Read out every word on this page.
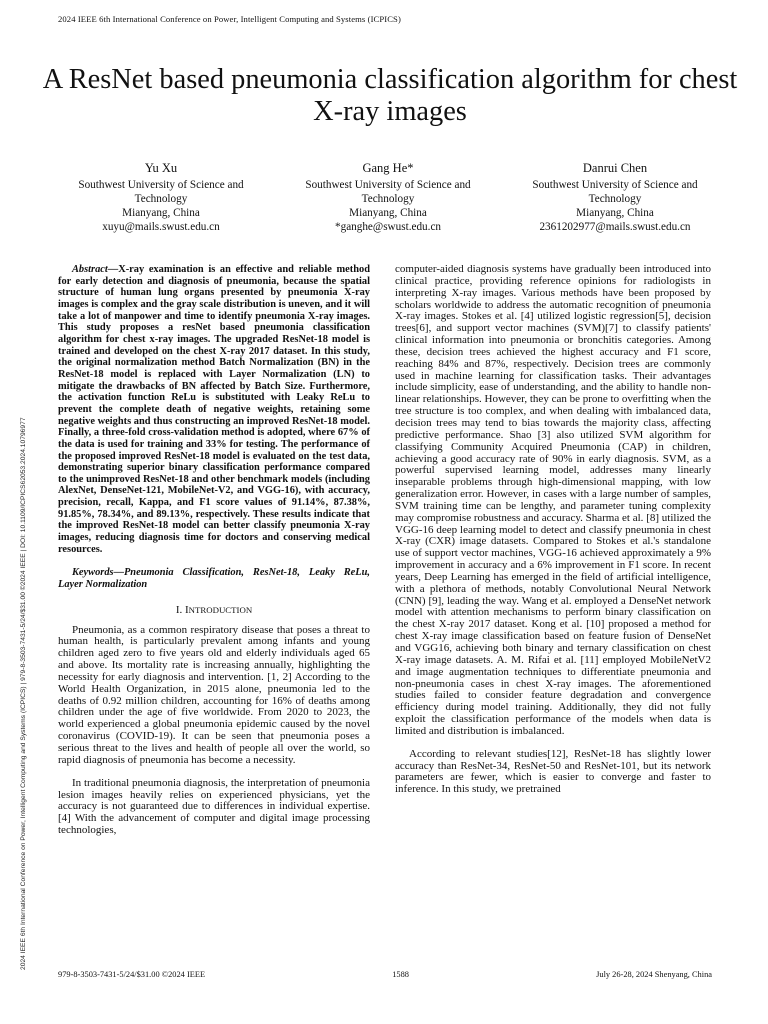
2024 IEEE 6th International Conference on Power, Intelligent Computing and Systems (ICPICS)
2024 IEEE 6th International Conference on Power, Intelligent Computing and Systems (ICPICS) | 979-8-3503-7431-5/24/$31.00 ©2024 IEEE | DOI: 10.1109/ICPICS62053.2024.10796977
A ResNet based pneumonia classification algorithm for chest X-ray images
Yu Xu
Southwest University of Science and Technology
Mianyang, China
xuyu@mails.swust.edu.cn
Gang He*
Southwest University of Science and Technology
Mianyang, China
*ganghe@swust.edu.cn
Danrui Chen
Southwest University of Science and Technology
Mianyang, China
2361202977@mails.swust.edu.cn

Abstract—X-ray examination is an effective and reliable method for early detection and diagnosis of pneumonia, because the spatial structure of human lung organs presented by pneumonia X-ray images is complex and the gray scale distribution is uneven, and it will take a lot of manpower and time to identify pneumonia X-ray images. This study proposes a resNet based pneumonia classification algorithm for chest x-ray images. The upgraded ResNet-18 model is trained and developed on the chest X-ray 2017 dataset. In this study, the original normalization method Batch Normalization (BN) in the ResNet-18 model is replaced with Layer Normalization (LN) to mitigate the drawbacks of BN affected by Batch Size. Furthermore, the activation function ReLu is substituted with Leaky ReLu to prevent the complete death of negative weights, retaining some negative weights and thus constructing an improved ResNet-18 model. Finally, a three-fold cross-validation method is adopted, where 67% of the data is used for training and 33% for testing. The performance of the proposed improved ResNet-18 model is evaluated on the test data, demonstrating superior binary classification performance compared to the unimproved ResNet-18 and other benchmark models (including AlexNet, DenseNet-121, MobileNet-V2, and VGG-16), with accuracy, precision, recall, Kappa, and F1 score values of 91.14%, 87.38%, 91.85%, 78.34%, and 89.13%, respectively. These results indicate that the improved ResNet-18 model can better classify pneumonia X-ray images, reducing diagnosis time for doctors and conserving medical resources.

Keywords—Pneumonia Classification, ResNet-18, Leaky ReLu, Layer Normalization

I. INTRODUCTION

Pneumonia, as a common respiratory disease that poses a threat to human health, is particularly prevalent among infants and young children aged zero to five years old and elderly individuals aged 65 and above. Its mortality rate is increasing annually, highlighting the necessity for early diagnosis and intervention. [1, 2] According to the World Health Organization, in 2015 alone, pneumonia led to the deaths of 0.92 million children, accounting for 16% of deaths among children under the age of five worldwide. From 2020 to 2023, the world experienced a global pneumonia epidemic caused by the novel coronavirus (COVID-19). It can be seen that pneumonia poses a serious threat to the lives and health of people all over the world, so rapid diagnosis of pneumonia has become a necessity.

In traditional pneumonia diagnosis, the interpretation of pneumonia lesion images heavily relies on experienced physicians, yet the accuracy is not guaranteed due to differences in individual expertise. [4] With the advancement of computer and digital image processing technologies,

computer-aided diagnosis systems have gradually been introduced into clinical practice, providing reference opinions for radiologists in interpreting X-ray images. Various methods have been proposed by scholars worldwide to address the automatic recognition of pneumonia X-ray images. Stokes et al. [4] utilized logistic regression[5], decision trees[6], and support vector machines (SVM)[7] to classify patients' clinical information into pneumonia or bronchitis categories. Among these, decision trees achieved the highest accuracy and F1 score, reaching 84% and 87%, respectively. Decision trees are commonly used in machine learning for classification tasks. Their advantages include simplicity, ease of understanding, and the ability to handle non-linear relationships. However, they can be prone to overfitting when the tree structure is too complex, and when dealing with imbalanced data, decision trees may tend to bias towards the majority class, affecting predictive performance. Shao [3] also utilized SVM algorithm for classifying Community Acquired Pneumonia (CAP) in children, achieving a good accuracy rate of 90% in early diagnosis. SVM, as a powerful supervised learning model, addresses many linearly inseparable problems through high-dimensional mapping, with low generalization error. However, in cases with a large number of samples, SVM training time can be lengthy, and parameter tuning complexity may compromise robustness and accuracy. Sharma et al. [8] utilized the VGG-16 deep learning model to detect and classify pneumonia in chest X-ray (CXR) image datasets. Compared to Stokes et al.'s standalone use of support vector machines, VGG-16 achieved approximately a 9% improvement in accuracy and a 6% improvement in F1 score. In recent years, Deep Learning has emerged in the field of artificial intelligence, with a plethora of methods, notably Convolutional Neural Network (CNN) [9], leading the way. Wang et al. employed a DenseNet network model with attention mechanisms to perform binary classification on the chest X-ray 2017 dataset. Kong et al. [10] proposed a method for chest X-ray image classification based on feature fusion of DenseNet and VGG16, achieving both binary and ternary classification on chest X-ray image datasets. A. M. Rifai et al. [11] employed MobileNetV2 and image augmentation techniques to differentiate pneumonia and non-pneumonia cases in chest X-ray images. The aforementioned studies failed to consider feature degradation and convergence efficiency during model training. Additionally, they did not fully exploit the classification performance of the models when data is limited and distribution is imbalanced.

According to relevant studies[12], ResNet-18 has slightly lower accuracy than ResNet-34, ResNet-50 and ResNet-101, but its network parameters are fewer, which is easier to converge and faster to inference. In this study, we pretrained

979-8-3503-7431-5/24/$31.00 ©2024 IEEE	1588	July 26-28, 2024 Shenyang, China
